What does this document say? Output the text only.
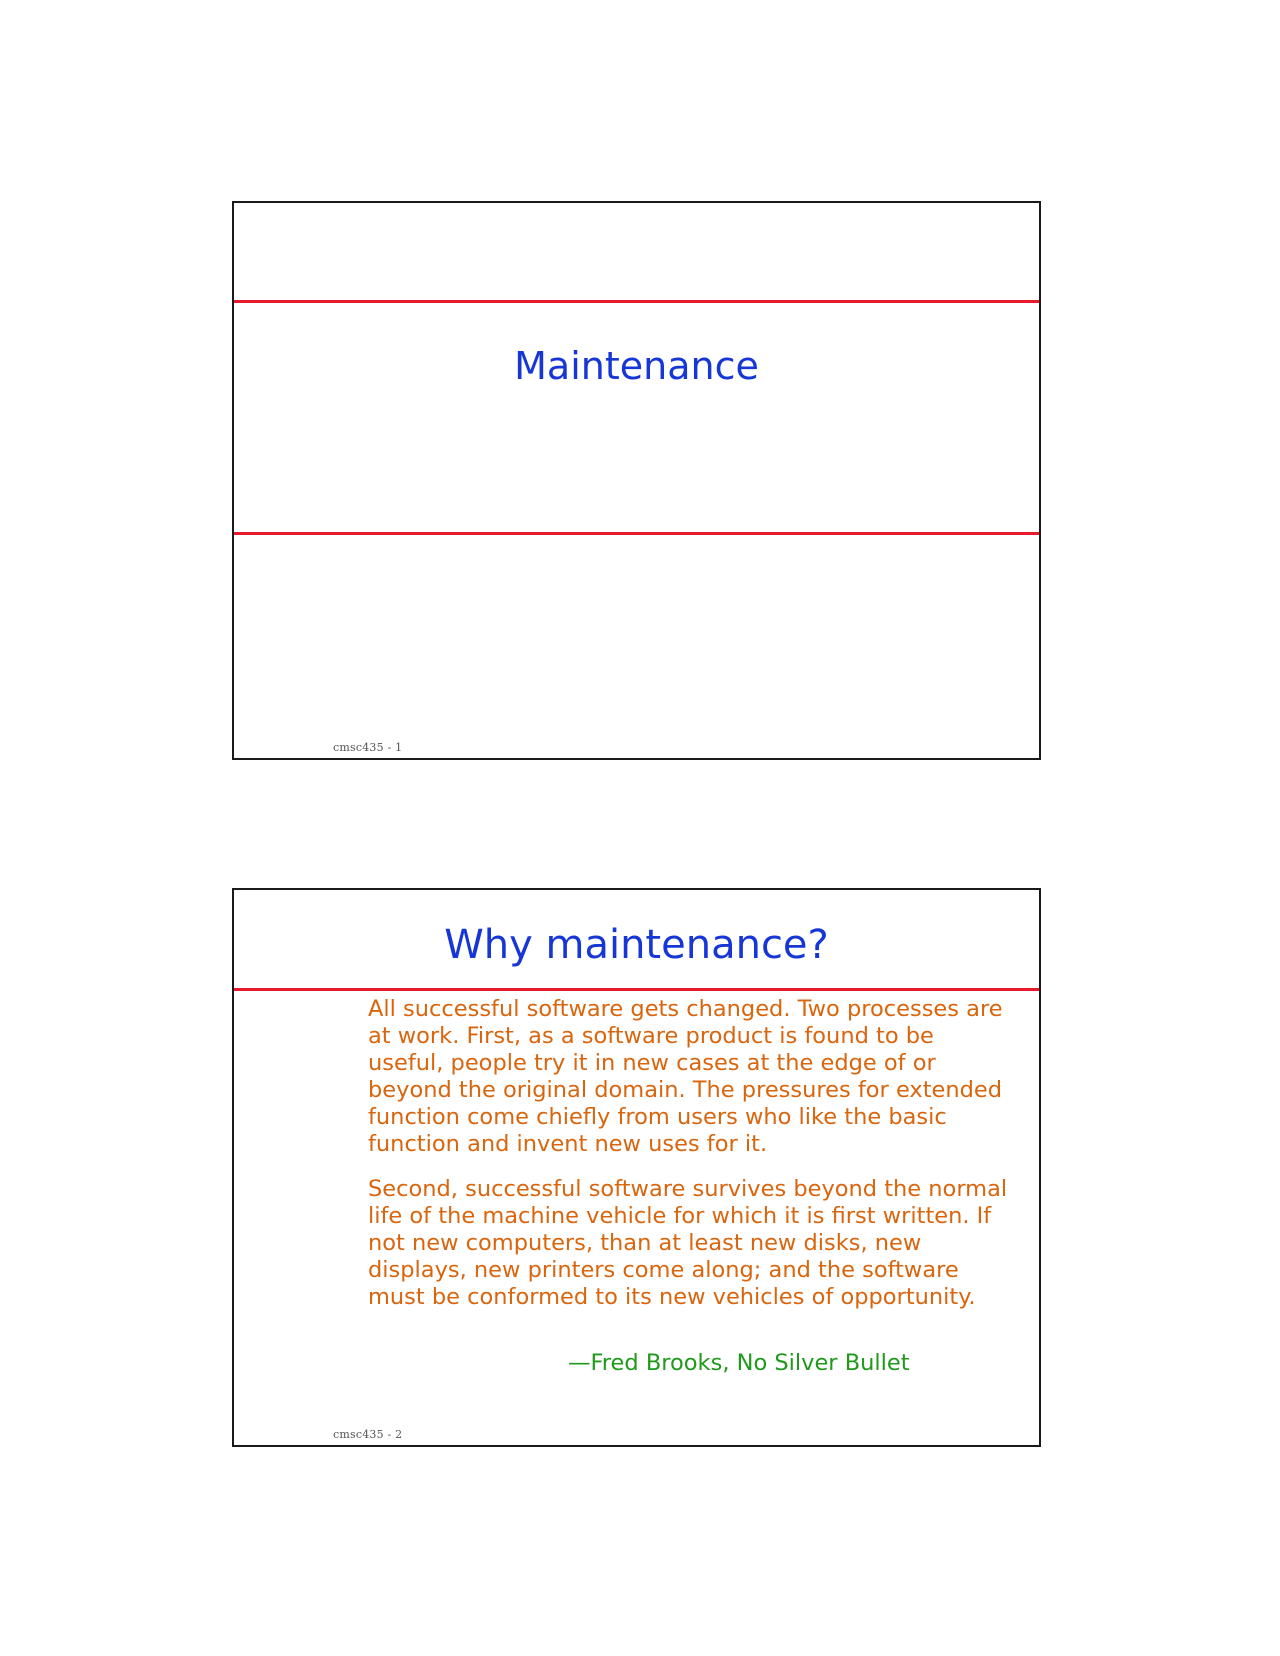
Maintenance
cmsc435 - 1
Why maintenance?

All successful software gets changed. Two processes are at work. First, as a software product is found to be useful, people try it in new cases at the edge of or beyond the original domain. The pressures for extended function come chiefly from users who like the basic function and invent new uses for it.

Second, successful software survives beyond the normal life of the machine vehicle for which it is first written. If not new computers, than at least new disks, new displays, new printers come along; and the software must be conformed to its new vehicles of opportunity.

—Fred Brooks, No Silver Bullet
cmsc435 - 2
